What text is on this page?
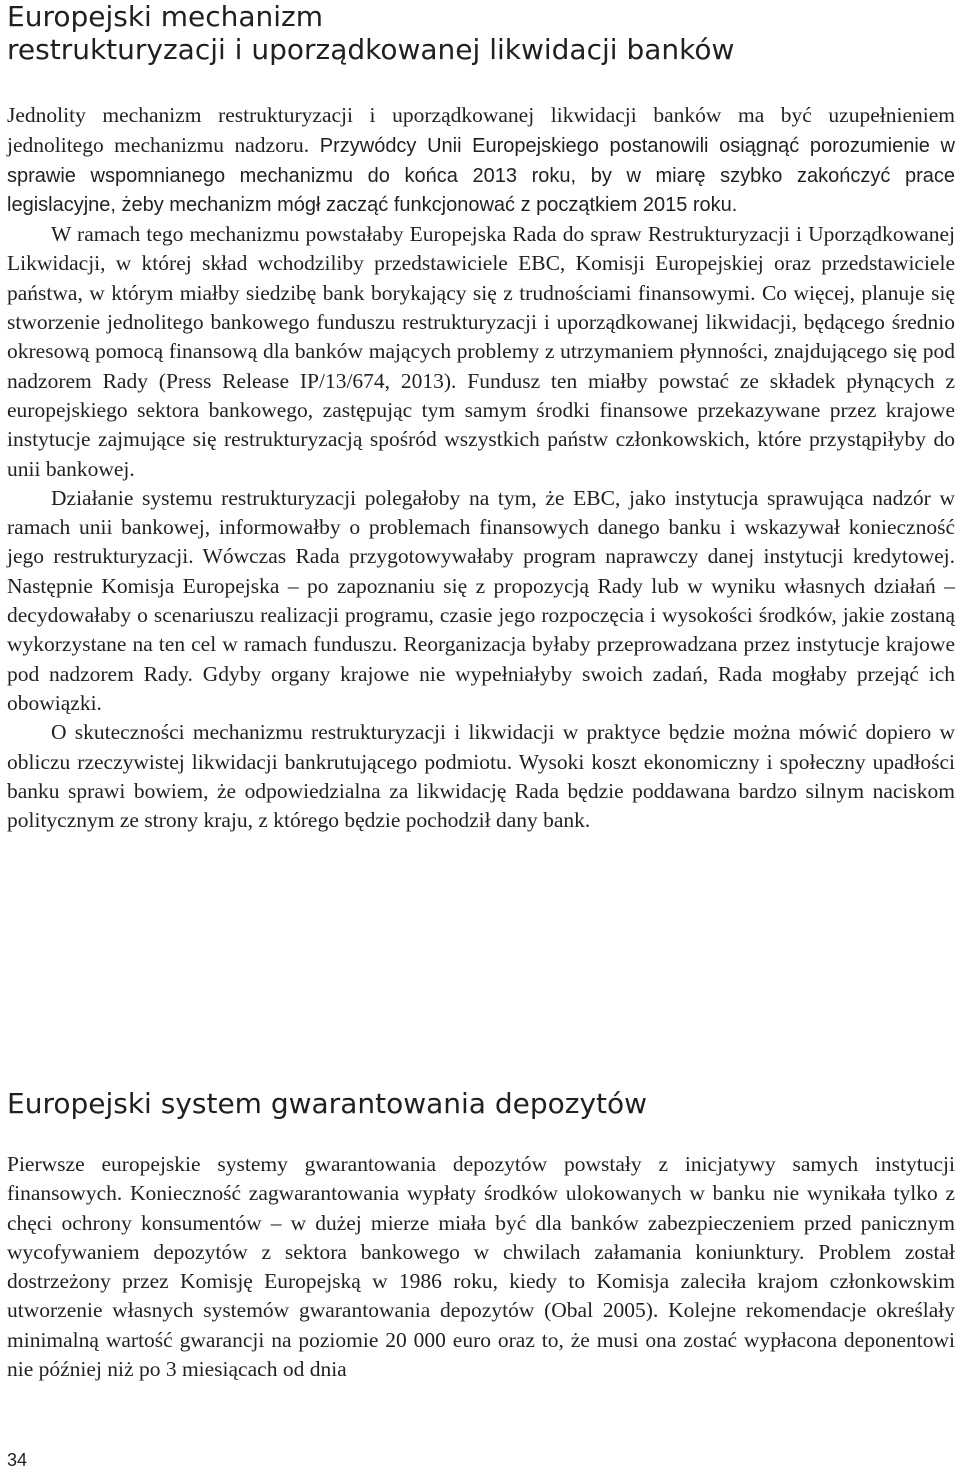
Europejski mechanizm
restrukturyzacji i uporządkowanej likwidacji banków

Jednolity mechanizm restrukturyzacji i uporządkowanej likwidacji banków ma być uzupełnieniem jednolitego mechanizmu nadzoru. Przywódcy Unii Europejskiego postanowili osiągnąć porozumienie w sprawie wspomnianego mechanizmu do końca 2013 roku, by w miarę szybko zakończyć prace legislacyjne, żeby mechanizm mógł zacząć funkcjonować z początkiem 2015 roku.

W ramach tego mechanizmu powstałaby Europejska Rada do spraw Restrukturyzacji i Uporządkowanej Likwidacji, w której skład wchodziliby przedstawiciele EBC, Komisji Europejskiej oraz przedstawiciele państwa, w którym miałby siedzibę bank borykający się z trudnościami finansowymi. Co więcej, planuje się stworzenie jednolitego bankowego funduszu restrukturyzacji i uporządkowanej likwidacji, będącego średnio okresową pomocą finansową dla banków mających problemy z utrzymaniem płynności, znajdującego się pod nadzorem Rady (Press Release IP/13/674, 2013). Fundusz ten miałby powstać ze składek płynących z europejskiego sektora bankowego, zastępując tym samym środki finansowe przekazywane przez krajowe instytucje zajmujące się restrukturyzacją spośród wszystkich państw członkowskich, które przystąpiłyby do unii bankowej.

Działanie systemu restrukturyzacji polegałoby na tym, że EBC, jako instytucja sprawująca nadzór w ramach unii bankowej, informowałby o problemach finansowych danego banku i wskazywał konieczność jego restrukturyzacji. Wówczas Rada przygotowywałaby program naprawczy danej instytucji kredytowej. Następnie Komisja Europejska – po zapoznaniu się z propozycją Rady lub w wyniku własnych działań – decydowałaby o scenariuszu realizacji programu, czasie jego rozpoczęcia i wysokości środków, jakie zostaną wykorzystane na ten cel w ramach funduszu. Reorganizacja byłaby przeprowadzana przez instytucje krajowe pod nadzorem Rady. Gdyby organy krajowe nie wypełniałyby swoich zadań, Rada mogłaby przejąć ich obowiązki.

O skuteczności mechanizmu restrukturyzacji i likwidacji w praktyce będzie można mówić dopiero w obliczu rzeczywistej likwidacji bankrutującego podmiotu. Wysoki koszt ekonomiczny i społeczny upadłości banku sprawi bowiem, że odpowiedzialna za likwidację Rada będzie poddawana bardzo silnym naciskom politycznym ze strony kraju, z którego będzie pochodził dany bank.

Europejski system gwarantowania depozytów

Pierwsze europejskie systemy gwarantowania depozytów powstały z inicjatywy samych instytucji finansowych. Konieczność zagwarantowania wypłaty środków ulokowanych w banku nie wynikała tylko z chęci ochrony konsumentów – w dużej mierze miała być dla banków zabezpieczeniem przed panicznym wycofywaniem depozytów z sektora bankowego w chwilach załamania koniunktury. Problem został dostrzeżony przez Komisję Europejską w 1986 roku, kiedy to Komisja zaleciła krajom członkowskim utworzenie własnych systemów gwarantowania depozytów (Obal 2005). Kolejne rekomendacje określały minimalną wartość gwarancji na poziomie 20 000 euro oraz to, że musi ona zostać wypłacona deponentowi nie później niż po 3 miesiącach od dnia

34
